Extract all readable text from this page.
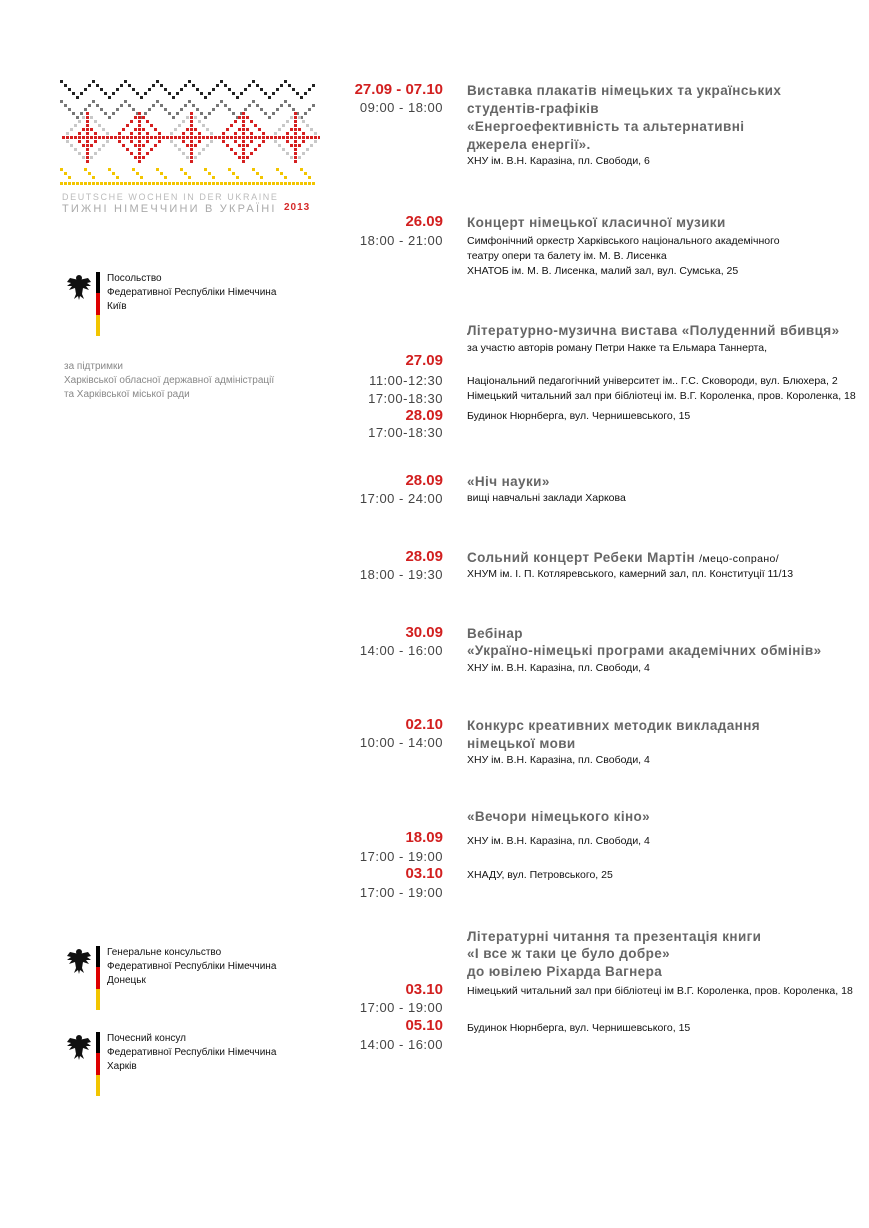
DEUTSCHE WOCHEN IN DER UKRAINE
ТИЖНІ НІМЕЧЧИНИ В УКРАЇНІ 2013
Посольство
Федеративної Республіки Німеччина
Київ
за підтримки
Харківської обласної державної адміністрації
та Харківської міської ради
Генеральне консульство
Федеративної Республіки Німеччина
Донецьк
Почесний консул
Федеративної Республіки Німеччина
Харків
27.09 - 07.10
09:00 - 18:00
Виставка плакатів німецьких та українських
студентів-графіків
«Енергоефективність та альтернативні
джерела енергії».
ХНУ ім. В.Н. Каразіна, пл. Свободи, 6
26.09
18:00 - 21:00
Концерт німецької класичної музики
Симфонічний оркестр Харківського національного академічного
театру опери та балету ім. М. В. Лисенка
ХНАТОБ ім. М. В. Лисенка, малий зал, вул. Сумська, 25
Літературно-музична вистава «Полуденний вбивця»
за участю авторів роману Петри Накке та Ельмара Таннерта,
27.09
11:00-12:30 Національний педагогічний університет ім.. Г.С. Сковороди, вул. Блюхера, 2
17:00-18:30 Німецький читальний зал при бібліотеці ім. В.Г. Короленка, пров. Короленка, 18
28.09 Будинок Нюрнберга, вул. Чернишевського, 15
17:00-18:30
28.09
17:00 - 24:00
«Ніч науки»
вищі навчальні заклади Харкова
28.09
18:00 - 19:30
Сольний концерт Ребеки Мартін /мецо-сопрано/
ХНУМ ім. І. П. Котляревського, камерний зал, пл. Конституції 11/13
30.09
14:00 - 16:00
Вебінар
«Україно-німецькі програми академічних обмінів»
ХНУ ім. В.Н. Каразіна, пл. Свободи, 4
02.10
10:00 - 14:00
Конкурс креативних методик викладання
німецької мови
ХНУ ім. В.Н. Каразіна, пл. Свободи, 4
«Вечори німецького кіно»
18.09 ХНУ ім. В.Н. Каразіна, пл. Свободи, 4
17:00 - 19:00
03.10 ХНАДУ, вул. Петровського, 25
17:00 - 19:00
Літературні читання та презентація книги
«І все ж таки це було добре»
до ювілею Ріхарда Вагнера
03.10 Німецький читальний зал при бібліотеці ім В.Г. Короленка, пров. Короленка, 18
17:00 - 19:00
05.10 Будинок Нюрнберга, вул. Чернишевського, 15
14:00 - 16:00
